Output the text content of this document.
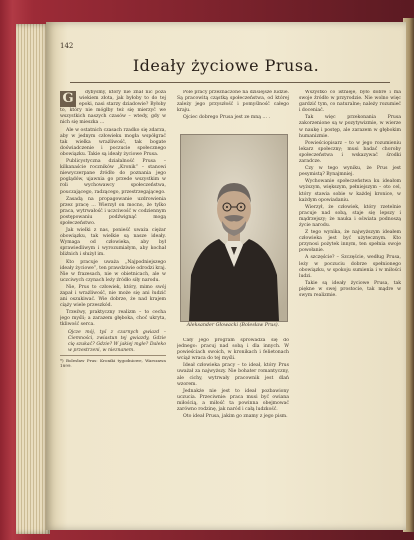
142
Ideały życiowe Prusa.
G	dybyśmy, który nie znał nic poza wiekiem złota, jak byłoby to do tej epoki, nasi starzy dziadowie? Byłoby to, który nie mógłby też się mierzyć we wszystkich naszych czasów – wtedy, gdy w nich się mieszka …

Ale w ostatnich czasach rzadko się zdarza, aby w jednym człowieku mogła współgrać tak wielka wrażliwość, tak bogate doświadczenie i poczucie społecznego obowiązku. Takie są ideały życiowe Prusa.

Publicystyczna działalność Prusa – kilkanaście roczników „Kronik” – stanowi niewyczerpane źródło do poznania jego poglądów, ujawnia go przede wszystkim w roli wychowawcy społeczeństwa, pouczającego, radzącego, przestrzegającego.

Zasadą na propagowanie uzdrowienia przez pracę … Wierzył on mocno, że tylko praca, wytrwałość i uczciwość w codziennym postępowaniu podźwignąć mogą społeczeństwo.

Jak wielki z nas, ponieść uważa ciężar obowiązku, tak wielkie są nasze ideały. Wymaga od człowieka, aby był sprawiedliwym i wyrozumiałym, aby kochał bliźnich i służył im.

Kto pracuje uważa „Najpodniejszego ideały życiowe”, ten prawdziwie odrodzi kraj. Nie w frazesach, nie w obietnicach, ale w uczciwych czynach leży źródło siły narodu.

Nie, Prus to człowiek, który, mimo swój zapał i wrażliwość, nie może się ani łudzić ani oszukiwać. Wie dobrze, że nad krajem ciąży wiele przeszkód.

Trzeźwy, praktyczny realizm – to cecha jego myśli; a zarazem głęboka, choć ukryta, tkliwość serca.

Ojcze mój, tyś z czarnych gwiazd – Ciemności, zwiastun tej gwiazdy, Gdzie cię szukać? Gdzie? W jakiej mgle? Daleko w przestrzeni, w nieznanem.

*) Bolesław Prus: Kroniki tygodniowe, Warszawa 1899.

Pole pracy przeznaczone na dzisiejsze ludzie. Są pracowitą cząstką społeczeństwa, od której zależy jego przyszłość i pomyślność całego kraju.

Ojciec dobrego Prusa jest ze mną … .

Aleksander Głowacki (Bolesław Prus).

Cały jego program sprowadza się do jednego: pracuj nad sobą i dla innych. W powieściach swoich, w kronikach i felietonach wciąż wraca do tej myśli.

Ideał człowieka pracy – to ideał, który Prus uważał za najwyższy. Nie bohater romantyczny, ale cichy, wytrwały pracownik jest dlań wzorem.

Jednakże nie jest to ideał pozbawiony uczucia. Przeciwnie: praca musi być owiana miłością, a miłość ta powinna obejmować zarówno rodzinę, jak naród i całą ludzkość.

Oto ideał Prusa, jakim go znamy z jego pism.

Wszystko co istnieje, było dobre i ma swoje źródło w przyrodzie. Nie wolno więc gardzić tym, co naturalne; należy rozumieć i doceniać.

Tak więc przekonania Prusa zakorzenione są w pozytywizmie, w wierze w naukę i postęp, ale zarazem w głębokim humanizmie.

Powieściopisarz – to w jego rozumieniu lekarz społeczny; musi badać choroby społeczeństwa i wskazywać środki zaradcze.

Czy w tego wyniku, że Prus jest pesymistą? Bynajmniej.

Wychowanie społeczeństwa ku ideałom wyższym, większym, pełniejszym – oto cel, który stawia sobie w każdej kronice, w każdym opowiadaniu.

Wierzył, że człowiek, który rzetelnie pracuje nad sobą, staje się lepszy i mądrzejszy; że nauka i oświata podnoszą życie narodu.

Z tego wynika, że najwyższym ideałem człowieka jest być użytecznym. Kto przynosi pożytek innym, ten spełnia swoje powołanie.

A szczęście? – Szczęście, według Prusa, leży w poczuciu dobrze spełnionego obowiązku, w spokoju sumienia i w miłości ludzi.

Takie są ideały życiowe Prusa, tak piękne w swej prostocie, tak mądre w swym realizmie.
